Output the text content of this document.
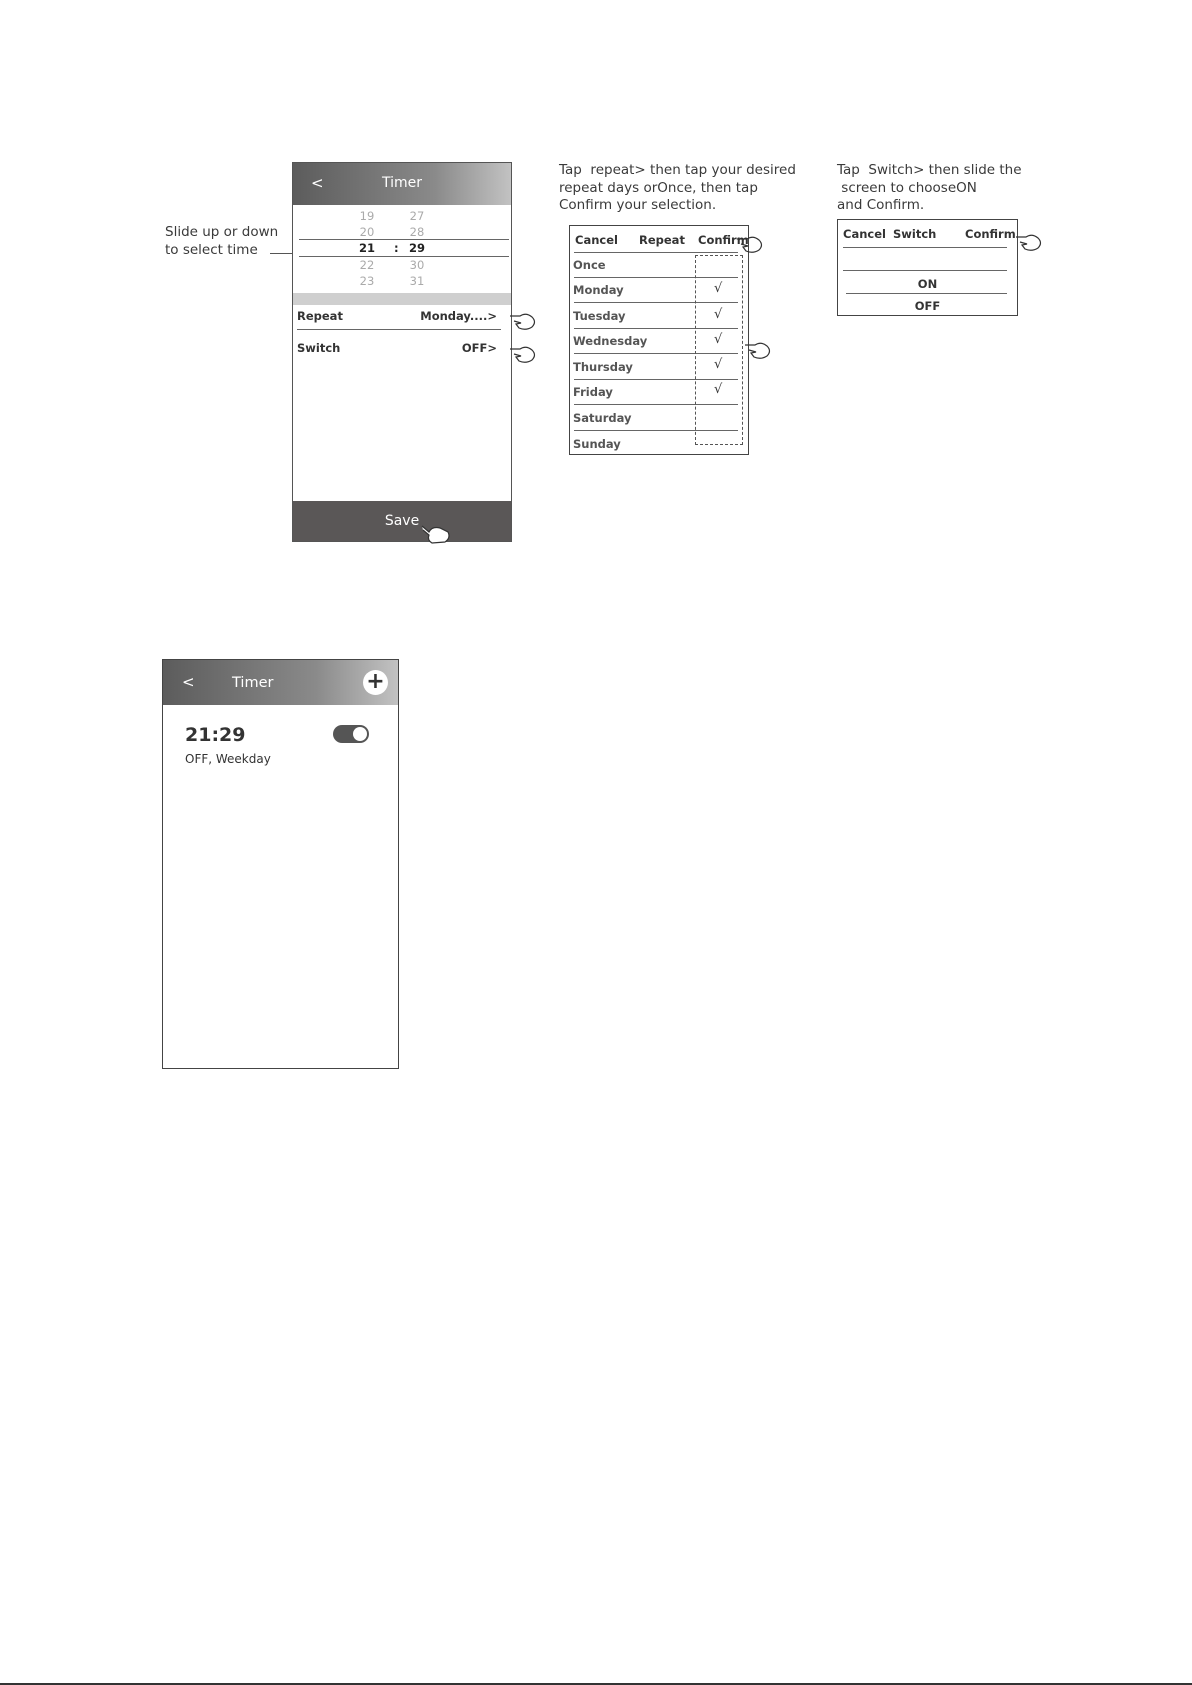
Slide up or down
to select time
<	Timer
19	27
20	28
21 : 29
22	30
23	31
Repeat	Monday....>
Switch	OFF>
Save
Tap  repeat> then tap your desired
repeat days orOnce, then tap
Confirm your selection.
Cancel Repeat Confirm
Once
Monday	√
Tuesday	√
Wednesday	√
Thursday	√
Friday	√
Saturday
Sunday
Tap  Switch> then slide the
screen to chooseON
and Confirm.
Cancel Switch Confirm
ON
OFF
<	Timer	+
21:29
OFF, Weekday
